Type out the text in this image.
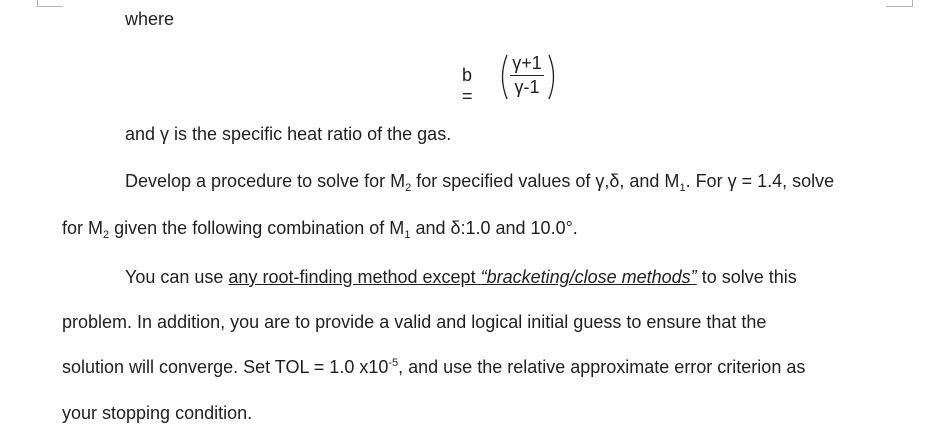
where
$b = \frac{\gamma+1}{\gamma-1}$
and γ is the specific heat ratio of the gas.
Develop a procedure to solve for $M_2$ for specified values of γ,δ, and $M_1$. For γ = 1.4, solve
for $M_2$ given the following combination of $M_1$ and δ:1.0 and 10.0°.
You can use any root-finding method except “bracketing/close methods” to solve this
problem. In addition, you are to provide a valid and logical initial guess to ensure that the
solution will converge. Set TOL = 1.0 $x10^{-5}$, and use the relative approximate error criterion as
your stopping condition.
